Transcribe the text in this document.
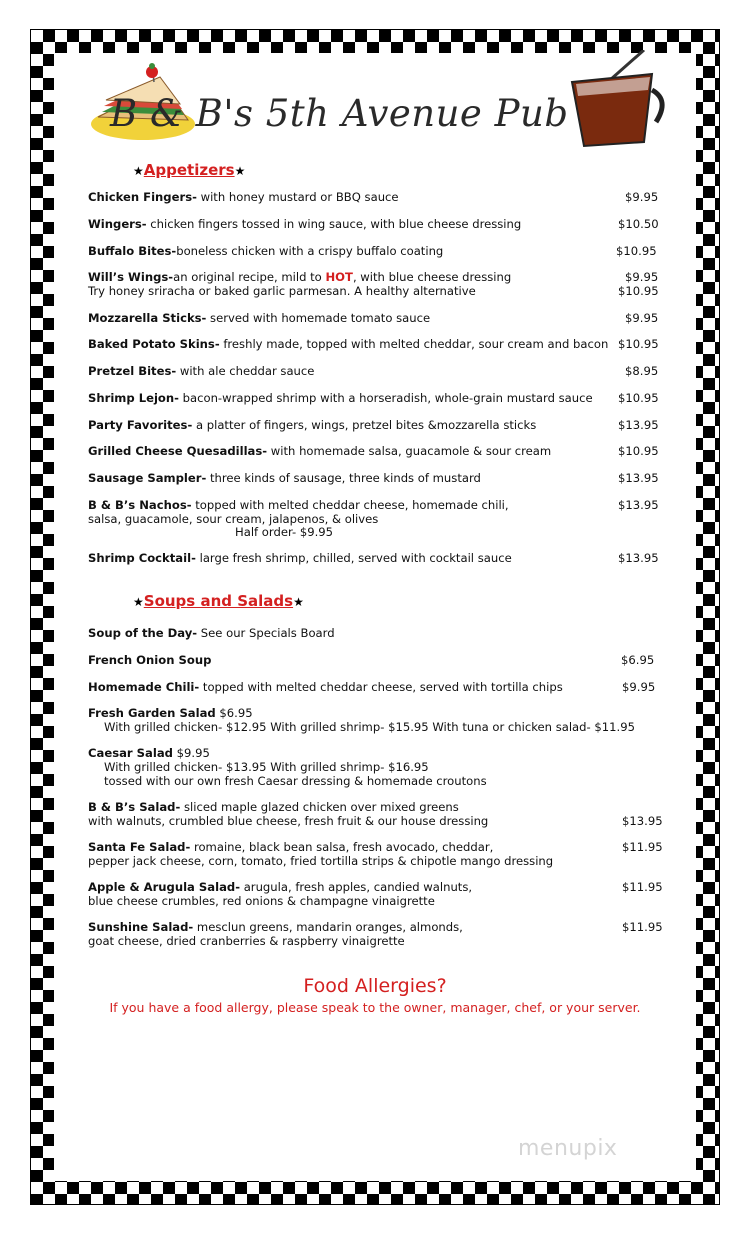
B & B's 5th Avenue Pub
★Appetizers★
Chicken Fingers- with honey mustard or BBQ sauce	$9.95
Wingers- chicken fingers tossed in wing sauce, with blue cheese dressing	$10.50
Buffalo Bites-boneless chicken with a crispy buffalo coating	$10.95
Will’s Wings-an original recipe, mild to HOT, with blue cheese dressing	$9.95
Try honey sriracha or baked garlic parmesan. A healthy alternative	$10.95
Mozzarella Sticks- served with homemade tomato sauce	$9.95
Baked Potato Skins- freshly made, topped with melted cheddar, sour cream and bacon $10.95
Pretzel Bites- with ale cheddar sauce	$8.95
Shrimp Lejon- bacon-wrapped shrimp with a horseradish, whole-grain mustard sauce $10.95
Party Favorites- a platter of fingers, wings, pretzel bites &mozzarella sticks	$13.95
Grilled Cheese Quesadillas- with homemade salsa, guacamole & sour cream	$10.95
Sausage Sampler- three kinds of sausage, three kinds of mustard	$13.95
B & B’s Nachos- topped with melted cheddar cheese, homemade chili,	$13.95
salsa, guacamole, sour cream, jalapenos, & olives
Half order- $9.95
Shrimp Cocktail- large fresh shrimp, chilled, served with cocktail sauce	$13.95
★Soups and Salads★
Soup of the Day- See our Specials Board
French Onion Soup	$6.95
Homemade Chili- topped with melted cheddar cheese, served with tortilla chips	$9.95
Fresh Garden Salad $6.95
With grilled chicken- $12.95 With grilled shrimp- $15.95 With tuna or chicken salad- $11.95
Caesar Salad $9.95
With grilled chicken- $13.95 With grilled shrimp- $16.95
tossed with our own fresh Caesar dressing & homemade croutons
B & B’s Salad- sliced maple glazed chicken over mixed greens
with walnuts, crumbled blue cheese, fresh fruit & our house dressing	$13.95
Santa Fe Salad- romaine, black bean salsa, fresh avocado, cheddar,	$11.95
pepper jack cheese, corn, tomato, fried tortilla strips & chipotle mango dressing
Apple & Arugula Salad- arugula, fresh apples, candied walnuts,	$11.95
blue cheese crumbles, red onions & champagne vinaigrette
Sunshine Salad- mesclun greens, mandarin oranges, almonds,	$11.95
goat cheese, dried cranberries & raspberry vinaigrette
Food Allergies?
If you have a food allergy, please speak to the owner, manager, chef, or your server.
menupix
